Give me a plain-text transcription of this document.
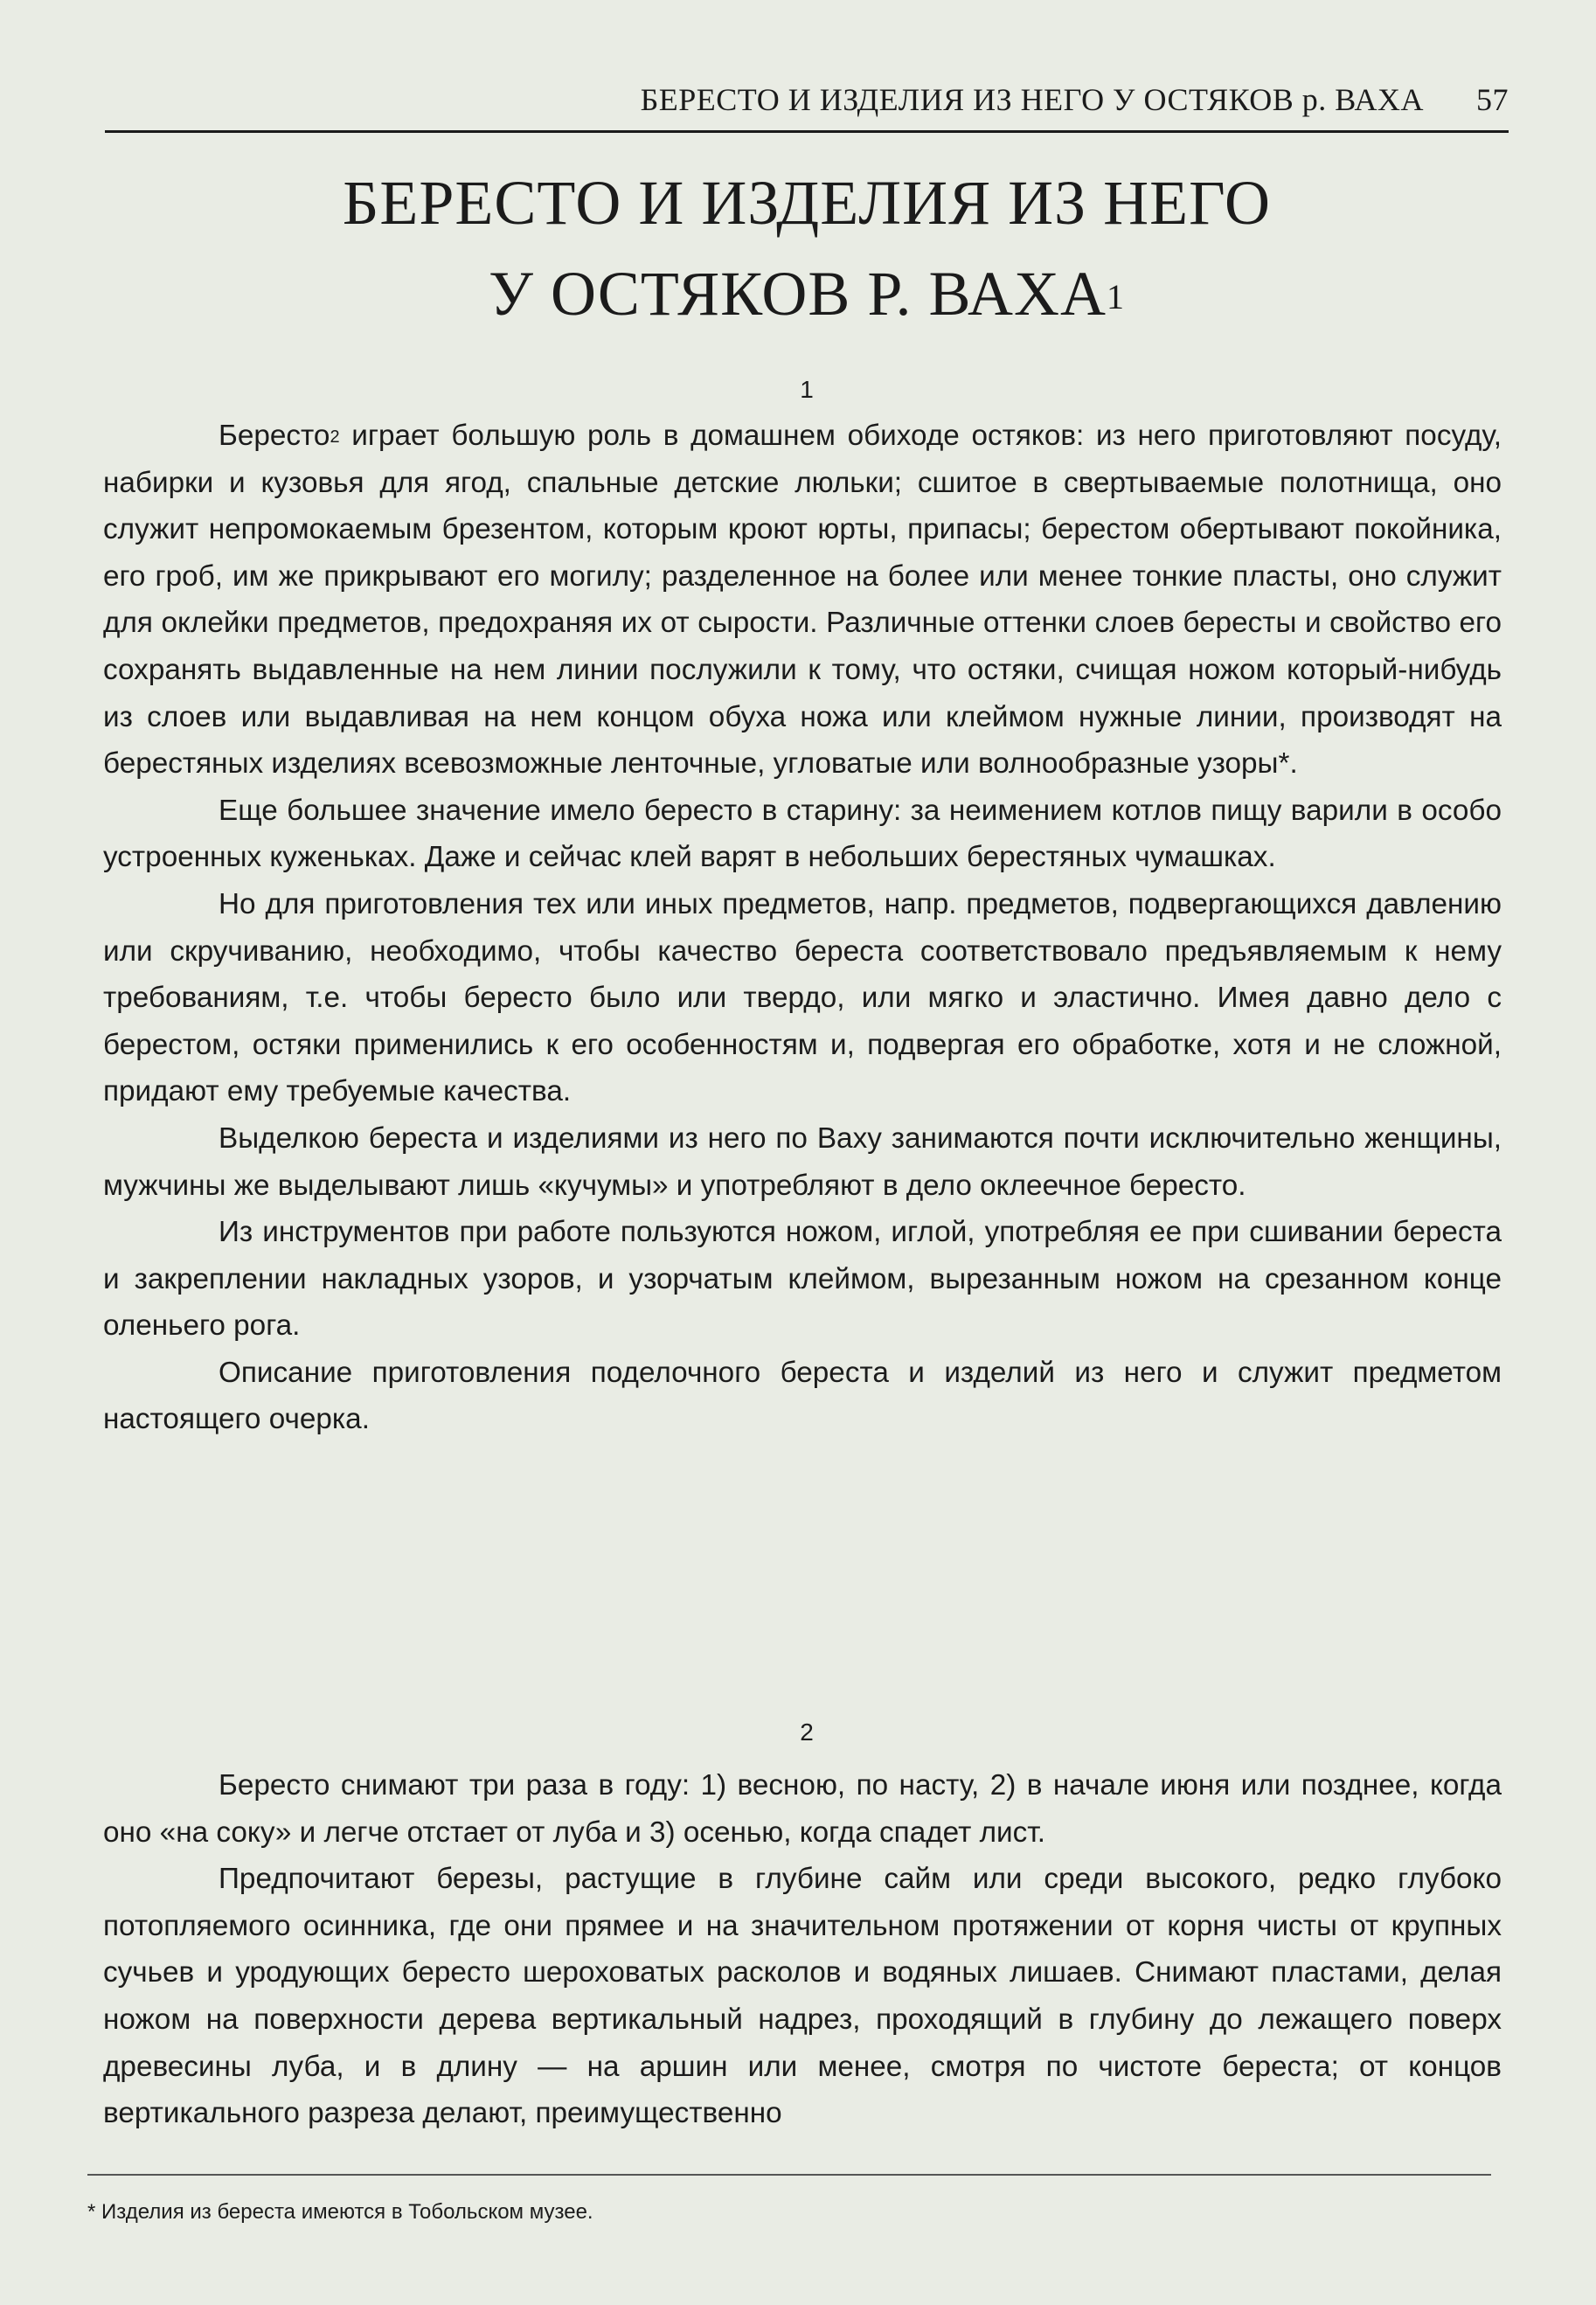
БЕРЕСТО И ИЗДЕЛИЯ ИЗ НЕГО У ОСТЯКОВ р. ВАХА 57
БЕРЕСТО И ИЗДЕЛИЯ ИЗ НЕГО
У ОСТЯКОВ Р. ВАХА$^1$
1

Бересто$^2$ играет большую роль в домашнем обиходе остяков: из него приготовляют посуду, набирки и кузовья для ягод, спальные детские люльки; сшитое в свертываемые полотнища, оно служит непромокаемым брезентом, которым кроют юрты, припасы; берестом обертывают покойника, его гроб, им же прикрывают его могилу; разделенное на более или менее тонкие пласты, оно служит для оклейки предметов, предохраняя их от сырости. Различные оттенки слоев бересты и свойство его сохранять выдавленные на нем линии послужили к тому, что остяки, счищая ножом который-нибудь из слоев или выдавливая на нем концом обуха ножа или клеймом нужные линии, производят на берестяных изделиях всевозможные ленточные, угловатые или волнообразные узоры*.

Еще большее значение имело бересто в старину: за неимением котлов пищу варили в особо устроенных куженьках. Даже и сейчас клей варят в небольших берестяных чумашках.

Но для приготовления тех или иных предметов, напр. предметов, подвергающихся давлению или скручиванию, необходимо, чтобы качество береста соответствовало предъявляемым к нему требованиям, т.е. чтобы бересто было или твердо, или мягко и эластично. Имея давно дело с берестом, остяки применились к его особенностям и, подвергая его обработке, хотя и не сложной, придают ему требуемые качества.

Выделкою береста и изделиями из него по Ваху занимаются почти исключительно женщины, мужчины же выделывают лишь «кучумы» и употребляют в дело оклеечное бересто.

Из инструментов при работе пользуются ножом, иглой, употребляя ее при сшивании береста и закреплении накладных узоров, и узорчатым клеймом, вырезанным ножом на срезанном конце оленьего рога.

Описание приготовления поделочного береста и изделий из него и служит предметом настоящего очерка.

2

Бересто снимают три раза в году: 1) весною, по насту, 2) в начале июня или позднее, когда оно «на соку» и легче отстает от луба и 3) осенью, когда спадет лист.

Предпочитают березы, растущие в глубине сайм или среди высокого, редко глубоко потопляемого осинника, где они прямее и на значительном протяжении от корня чисты от крупных сучьев и уродующих бересто шероховатых расколов и водяных лишаев. Снимают пластами, делая ножом на поверхности дерева вертикальный надрез, проходящий в глубину до лежащего поверх древесины луба, и в длину — на аршин или менее, смотря по чистоте береста; от концов вертикального разреза делают, преимущественно

* Изделия из береста имеются в Тобольском музее.
